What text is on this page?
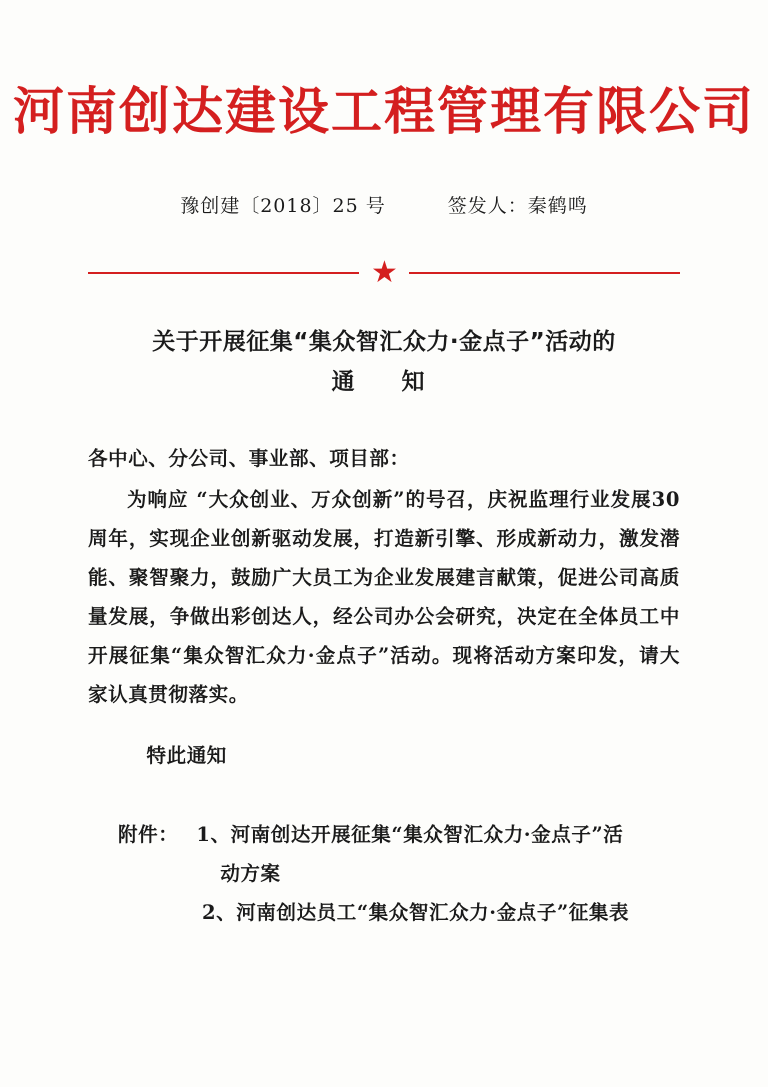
河南创达建设工程管理有限公司
豫创建〔2018〕25 号	签发人：秦鹤鸣
★
关于开展征集“集众智汇众力·金点子”活动的
通　知
各中心、分公司、事业部、项目部：
为响应 “大众创业、万众创新”的号召，庆祝监理行业发展30 周年，实现企业创新驱动发展，打造新引擎、形成新动力，激发潜能、聚智聚力，鼓励广大员工为企业发展建言献策，促进公司高质量发展，争做出彩创达人，经公司办公会研究，决定在全体员工中开展征集“集众智汇众力·金点子”活动。现将活动方案印发，请大家认真贯彻落实。
特此通知
附件： 1、河南创达开展征集“集众智汇众力·金点子”活
动方案
2、河南创达员工“集众智汇众力·金点子”征集表
